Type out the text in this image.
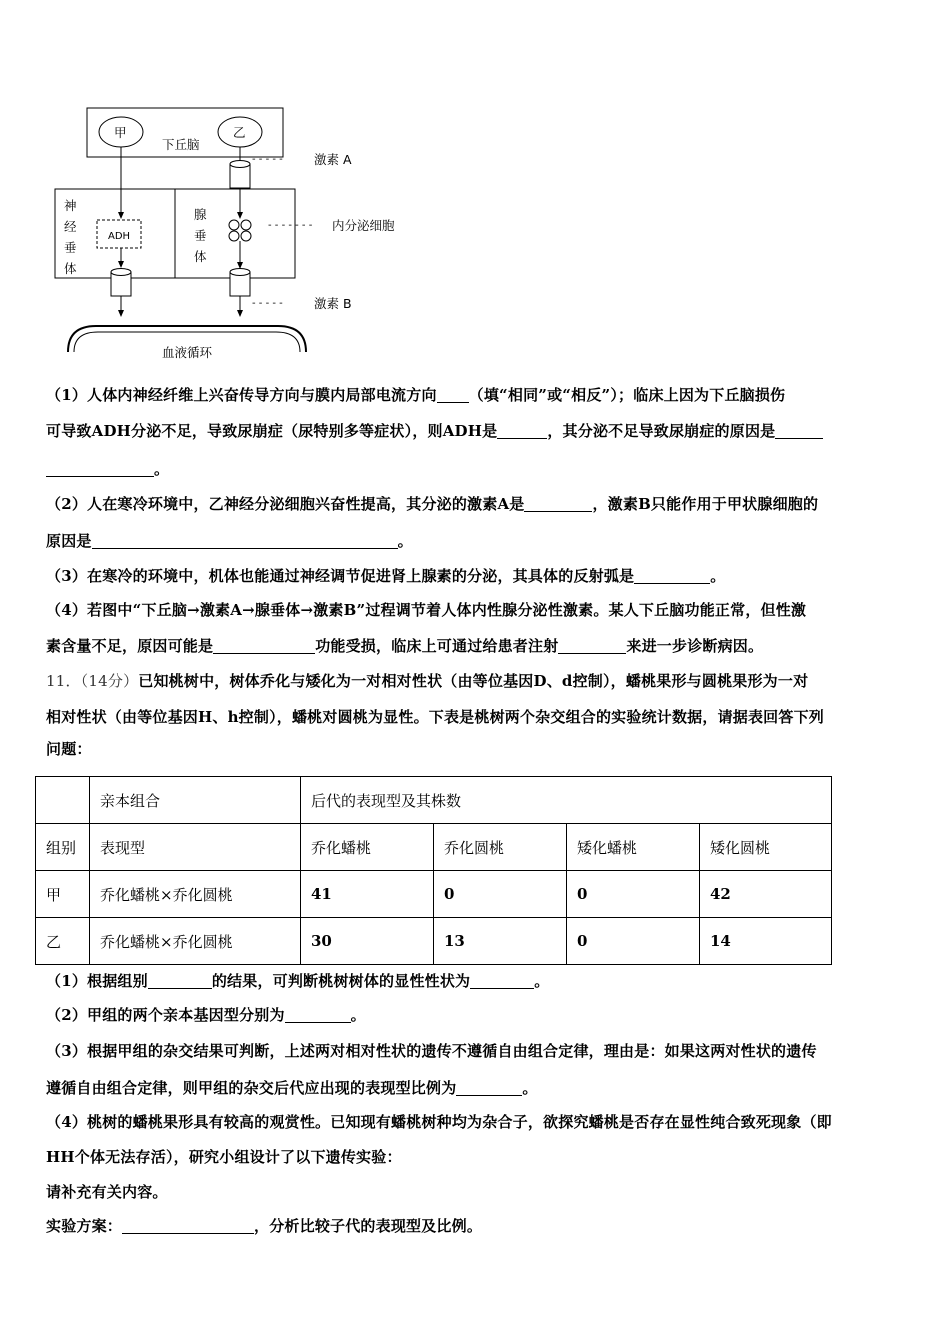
甲	乙
下丘脑
神
经
垂
体
腺
垂
体
ADH
- - - - - 激素 A
- - - - - - - 内分泌细胞
- - - - - 激素 B
血液循环
（1）人体内神经纤维上兴奋传导方向与膜内局部电流方向 （填“相同”或“相反”）；临床上因为下丘脑损伤
可导致ADH分泌不足，导致尿崩症（尿特别多等症状），则ADH是	，其分泌不足导致尿崩症的原因是
。
（2）人在寒冷环境中，乙神经分泌细胞兴奋性提高，其分泌的激素A是	，激素B只能作用于甲状腺细胞的
原因是	。
（3）在寒冷的环境中，机体也能通过神经调节促进肾上腺素的分泌，其具体的反射弧是	。
（4）若图中“下丘脑→激素A→腺垂体→激素B”过程调节着人体内性腺分泌性激素。某人下丘脑功能正常，但性激
素含量不足，原因可能是	功能受损，临床上可通过给患者注射	来进一步诊断病因。
11．（14分）已知桃树中，树体乔化与矮化为一对相对性状（由等位基因D、d控制），蟠桃果形与圆桃果形为一对
相对性状（由等位基因H、h控制），蟠桃对圆桃为显性。下表是桃树两个杂交组合的实验统计数据，请据表回答下列
问题：
	亲本组合	后代的表现型及其株数			
组别	表现型	乔化蟠桃	乔化圆桃	矮化蟠桃	矮化圆桃
甲	乔化蟠桃×乔化圆桃	41	0	0	42
乙	乔化蟠桃×乔化圆桃	30	13	0	14
（1）根据组别	的结果，可判断桃树树体的显性性状为	。
（2）甲组的两个亲本基因型分别为	。
（3）根据甲组的杂交结果可判断，上述两对相对性状的遗传不遵循自由组合定律，理由是：如果这两对性状的遗传
遵循自由组合定律，则甲组的杂交后代应出现的表现型比例为	。
（4）桃树的蟠桃果形具有较高的观赏性。已知现有蟠桃树种均为杂合子，欲探究蟠桃是否存在显性纯合致死现象（即
HH个体无法存活），研究小组设计了以下遗传实验：
请补充有关内容。
实验方案：	，分析比较子代的表现型及比例。
